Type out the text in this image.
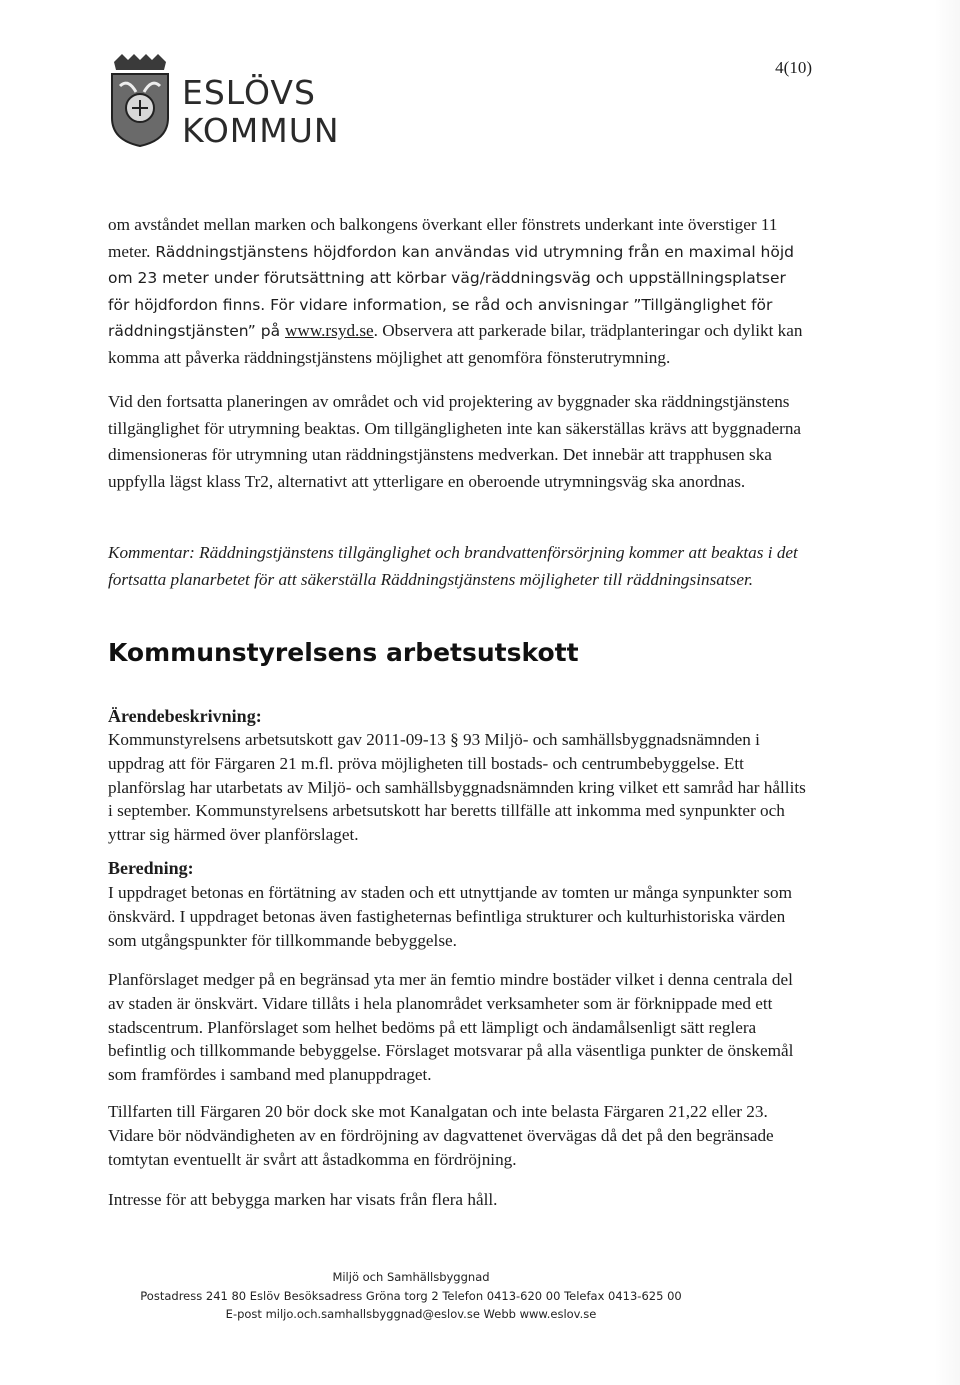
ESLÖVS
KOMMUN
4(10)
om avståndet mellan marken och balkongens överkant eller fönstrets underkant inte överstiger 11 meter. Räddningstjänstens höjdfordon kan användas vid utrymning från en maximal höjd om 23 meter under förutsättning att körbar väg/räddningsväg och uppställningsplatser för höjdfordon finns. För vidare information, se råd och anvisningar ”Tillgänglighet för räddningstjänsten” på www.rsyd.se. Observera att parkerade bilar, trädplanteringar och dylikt kan komma att påverka räddningstjänstens möjlighet att genomföra fönsterutrymning.
Vid den fortsatta planeringen av området och vid projektering av byggnader ska räddningstjänstens tillgänglighet för utrymning beaktas. Om tillgängligheten inte kan säkerställas krävs att byggnaderna dimensioneras för utrymning utan räddningstjänstens medverkan. Det innebär att trapphusen ska uppfylla lägst klass Tr2, alternativt att ytterligare en oberoende utrymningsväg ska anordnas.
Kommentar: Räddningstjänstens tillgänglighet och brandvattenförsörjning kommer att beaktas i det fortsatta planarbetet för att säkerställa Räddningstjänstens möjligheter till räddningsinsatser.
Kommunstyrelsens arbetsutskott
Ärendebeskrivning:
Kommunstyrelsens arbetsutskott gav 2011-09-13 § 93 Miljö- och samhällsbyggnadsnämnden i uppdrag att för Färgaren 21 m.fl. pröva möjligheten till bostads- och centrumbebyggelse. Ett planförslag har utarbetats av Miljö- och samhällsbyggnadsnämnden kring vilket ett samråd har hållits i september. Kommunstyrelsens arbetsutskott har beretts tillfälle att inkomma med synpunkter och yttrar sig härmed över planförslaget.
Beredning:
I uppdraget betonas en förtätning av staden och ett utnyttjande av tomten ur många synpunkter som önskvärd. I uppdraget betonas även fastigheternas befintliga strukturer och kulturhistoriska värden som utgångspunkter för tillkommande bebyggelse.
Planförslaget medger på en begränsad yta mer än femtio mindre bostäder vilket i denna centrala del av staden är önskvärt. Vidare tillåts i hela planområdet verksamheter som är förknippade med ett stadscentrum. Planförslaget som helhet bedöms på ett lämpligt och ändamålsenligt sätt reglera befintlig och tillkommande bebyggelse. Förslaget motsvarar på alla väsentliga punkter de önskemål som framfördes i samband med planuppdraget.
Tillfarten till Färgaren 20 bör dock ske mot Kanalgatan och inte belasta Färgaren 21,22 eller 23. Vidare bör nödvändigheten av en fördröjning av dagvattenet övervägas då det på den begränsade tomtytan eventuellt är svårt att åstadkomma en fördröjning.
Intresse för att bebygga marken har visats från flera håll.
Miljö och Samhällsbyggnad
Postadress 241 80 Eslöv Besöksadress Gröna torg 2 Telefon 0413-620 00 Telefax 0413-625 00
E-post miljo.och.samhallsbyggnad@eslov.se Webb www.eslov.se
